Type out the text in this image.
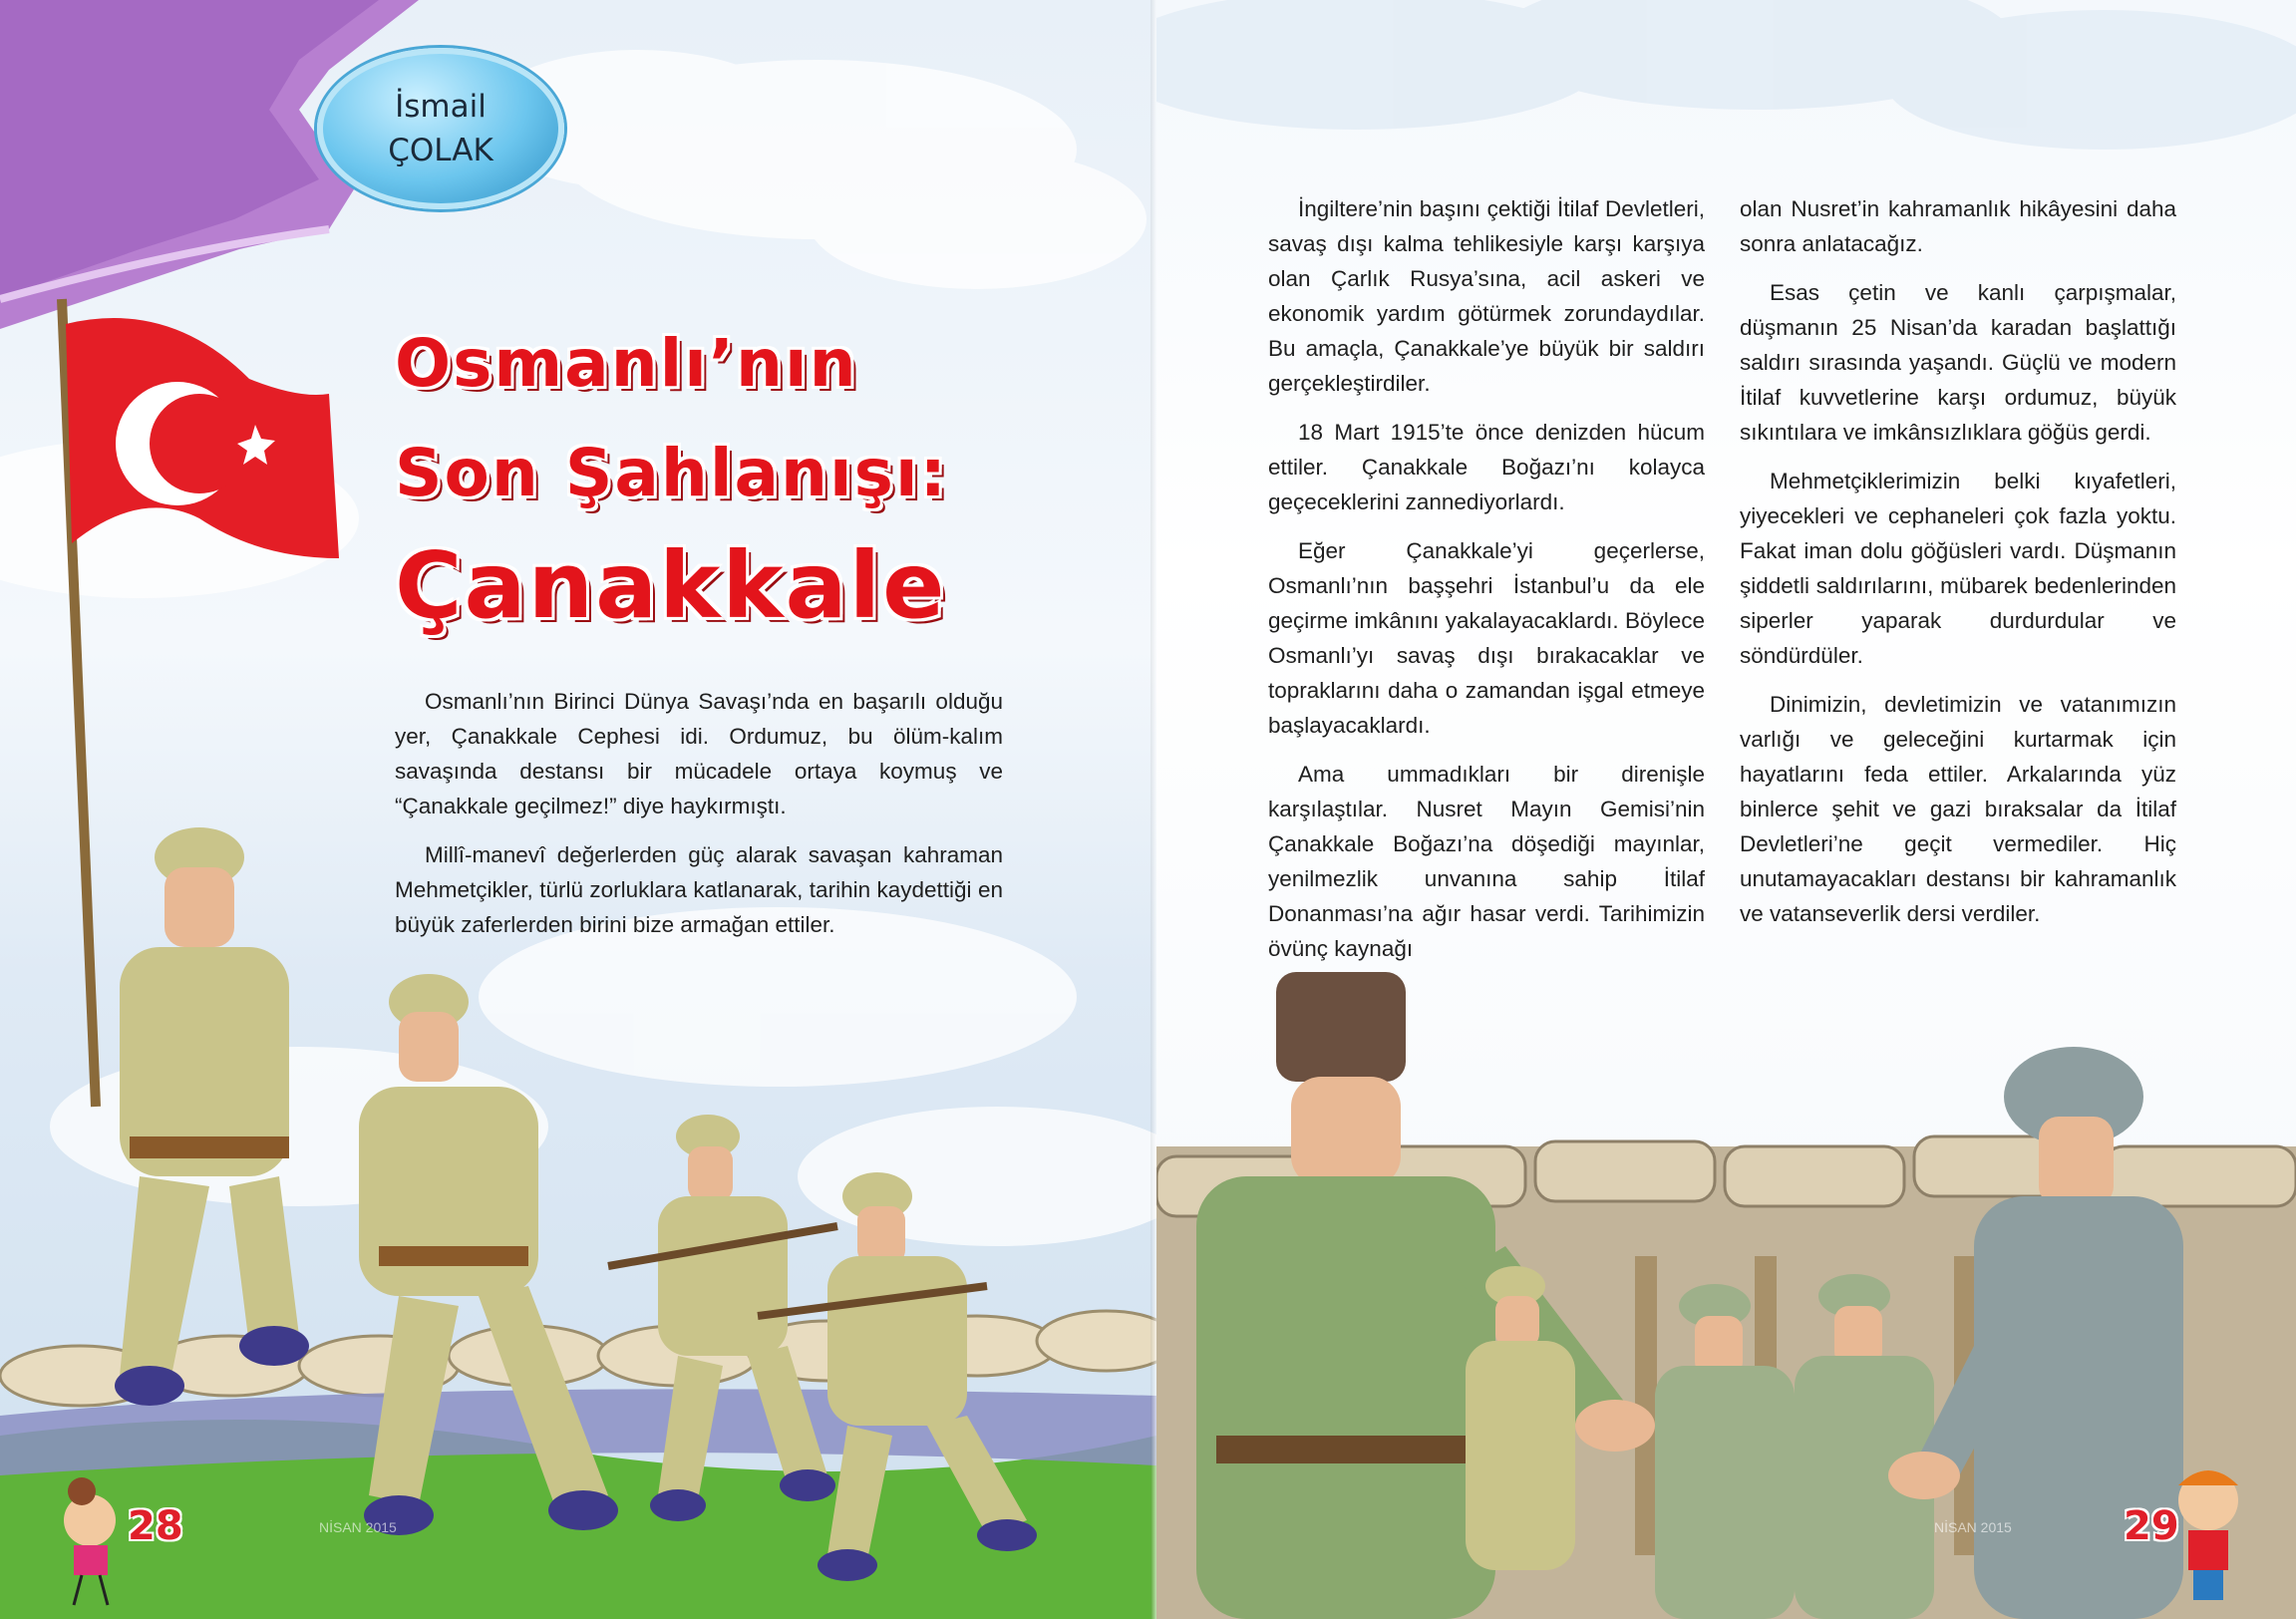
İsmail
ÇOLAK
Osmanlı’nın
Son Şahlanışı:
Çanakkale

Osmanlı’nın Birinci Dünya Savaşı’nda en başarılı olduğu yer, Çanakkale Cephesi idi. Ordumuz, bu ölüm-kalım savaşında destansı bir mücadele ortaya koymuş ve “Çanakkale geçilmez!” diye haykırmıştı.

Millî-manevî değerlerden güç alarak savaşan kahraman Mehmetçikler, türlü zorluklara katlanarak, tarihin kaydettiği en büyük zaferlerden birini bize armağan ettiler.

28	NİSAN 2015

İngiltere’nin başını çektiği İtilaf Devletleri, savaş dışı kalma tehlikesiyle karşı karşıya olan Çarlık Rusya’sına, acil askeri ve ekonomik yardım götürmek zorundaydılar. Bu amaçla, Çanakkale’ye büyük bir saldırı gerçekleştirdiler.

18 Mart 1915’te önce denizden hücum ettiler. Çanakkale Boğazı’nı kolayca geçeceklerini zannediyorlardı.

Eğer Çanakkale’yi geçerlerse, Osmanlı’nın başşehri İstanbul’u da ele geçirme imkânını yakalayacaklardı. Böylece Osmanlı’yı savaş dışı bırakacaklar ve topraklarını daha o zamandan işgal etmeye başlayacaklardı.

Ama ummadıkları bir direnişle karşılaştılar. Nusret Mayın Gemisi’nin Çanakkale Boğazı’na döşediği mayınlar, yenilmezlik unvanına sahip İtilaf Donanması’na ağır hasar verdi. Tarihimizin övünç kaynağı

olan Nusret’in kahramanlık hikâyesini daha sonra anlatacağız.

Esas çetin ve kanlı çarpışmalar, düşmanın 25 Nisan’da karadan başlattığı saldırı sırasında yaşandı. Güçlü ve modern İtilaf kuvvetlerine karşı ordumuz, büyük sıkıntılara ve imkânsızlıklara göğüs gerdi.

Mehmetçiklerimizin belki kıyafetleri, yiyecekleri ve cephaneleri çok fazla yoktu. Fakat iman dolu göğüsleri vardı. Düşmanın şiddetli saldırılarını, mübarek bedenlerinden siperler yaparak durdurdular ve söndürdüler.

Dinimizin, devletimizin ve vatanımızın varlığı ve geleceğini kurtarmak için hayatlarını feda ettiler. Arkalarında yüz binlerce şehit ve gazi bıraksalar da İtilaf Devletleri’ne geçit vermediler. Hiç unutamayacakları destansı bir kahramanlık ve vatanseverlik dersi verdiler.

29
NİSAN 2015
